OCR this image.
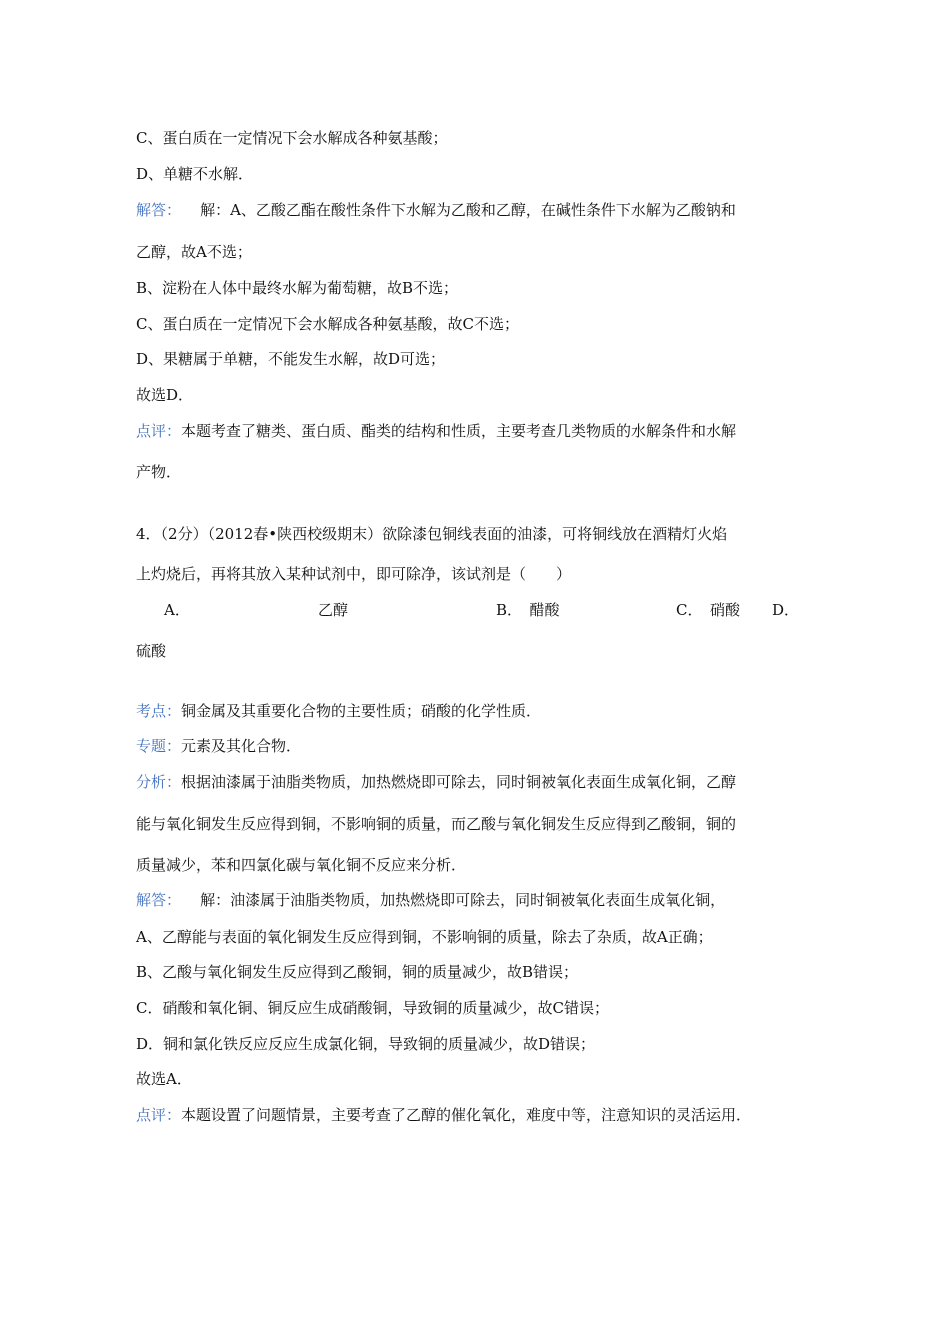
C、蛋白质在一定情况下会水解成各种氨基酸；
D、单糖不水解．
解答： 解：A、乙酸乙酯在酸性条件下水解为乙酸和乙醇，在碱性条件下水解为乙酸钠和
乙醇，故A不选；
B、淀粉在人体中最终水解为葡萄糖，故B不选；
C、蛋白质在一定情况下会水解成各种氨基酸，故C不选；
D、果糖属于单糖，不能发生水解，故D可选；
故选D．
点评：本题考查了糖类、蛋白质、酯类的结构和性质，主要考查几类物质的水解条件和水解
产物．
4．（2分）（2012春•陕西校级期末）欲除漆包铜线表面的油漆，可将铜线放在酒精灯火焰
上灼烧后，再将其放入某种试剂中，即可除净，该试剂是（　　）
A．	乙醇	B．　醋酸	C．　硝酸 D．
硫酸
考点：铜金属及其重要化合物的主要性质；硝酸的化学性质．
专题：元素及其化合物．
分析：根据油漆属于油脂类物质，加热燃烧即可除去，同时铜被氧化表面生成氧化铜，乙醇
能与氧化铜发生反应得到铜，不影响铜的质量，而乙酸与氧化铜发生反应得到乙酸铜，铜的
质量减少，苯和四氯化碳与氧化铜不反应来分析．
解答： 解：油漆属于油脂类物质，加热燃烧即可除去，同时铜被氧化表面生成氧化铜，
A、乙醇能与表面的氧化铜发生反应得到铜，不影响铜的质量，除去了杂质，故A正确；
B、乙酸与氧化铜发生反应得到乙酸铜，铜的质量减少，故B错误；
C．硝酸和氧化铜、铜反应生成硝酸铜，导致铜的质量减少，故C错误；
D．铜和氯化铁反应反应生成氯化铜，导致铜的质量减少，故D错误；
故选A．
点评：本题设置了问题情景，主要考查了乙醇的催化氧化，难度中等，注意知识的灵活运用．
